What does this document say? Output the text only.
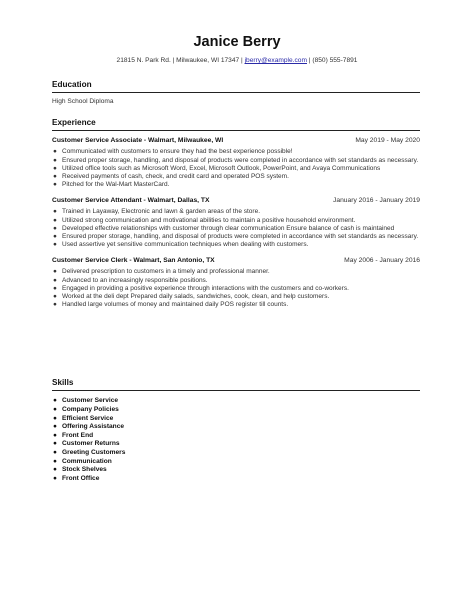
Janice Berry
21815 N. Park Rd. | Milwaukee, WI 17347 | jberry@example.com | (850) 555-7891
Education
High School Diploma
Experience
Customer Service Associate - Walmart, Milwaukee, WI	May 2019 - May 2020
● Communicated with customers to ensure they had the best experience possible!
● Ensured proper storage, handling, and disposal of products were completed in accordance with set standards as necessary.
● Utilized office tools such as Microsoft Word, Excel, Microsoft Outlook, PowerPoint, and Avaya Communications
● Received payments of cash, check, and credit card and operated POS system.
● Pitched for the Wal-Mart MasterCard.
Customer Service Attendant - Walmart, Dallas, TX	January 2016 - January 2019
● Trained in Layaway, Electronic and lawn & garden areas of the store.
● Utilized strong communication and motivational abilities to maintain a positive household environment.
● Developed effective relationships with customer through clear communication Ensure balance of cash is maintained
● Ensured proper storage, handling, and disposal of products were completed in accordance with set standards as necessary.
● Used assertive yet sensitive communication techniques when dealing with customers.
Customer Service Clerk - Walmart, San Antonio, TX	May 2006 - January 2016
● Delivered prescription to customers in a timely and professional manner.
● Advanced to an increasingly responsible positions.
● Engaged in providing a positive experience through interactions with the customers and co-workers.
● Worked at the deli dept Prepared daily salads, sandwiches, cook, clean, and help customers.
● Handled large volumes of money and maintained daily POS register till counts.
Skills
● Customer Service
● Company Policies
● Efficient Service
● Offering Assistance
● Front End
● Customer Returns
● Greeting Customers
● Communication
● Stock Shelves
● Front Office
